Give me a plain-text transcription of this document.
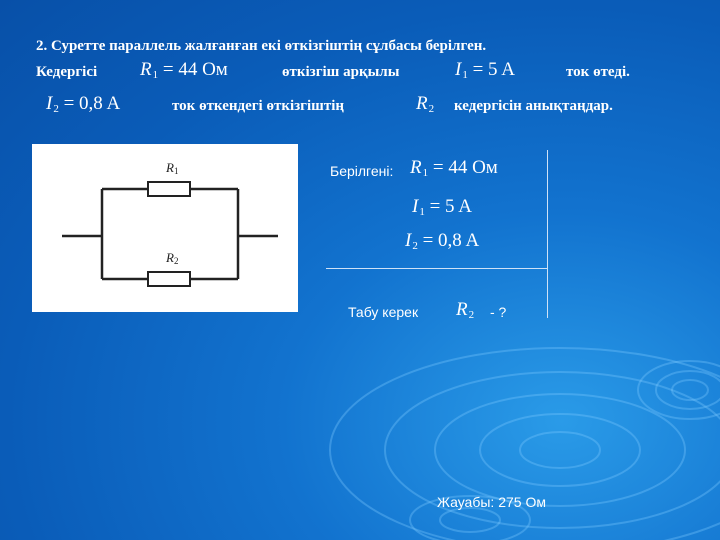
2. Суретте параллель жалғанған екі өткізгіштің сұлбасы берілген.
Кедергісі $R_1 = 44$ Ом	өткізгіш арқылы	$I_1 = 5$ A	ток өтеді.
$I_2 = 0,8$ A	ток өткендегі өткізгіштің	$R_2$ кедергісін анықтаңдар.
R1
R2
Берілгені: $R_1 = 44$ Ом
$I_1 = 5$ A
$I_2 = 0,8$ A
Табу керек $R_2$ - ?
Жауабы: 275 Ом
